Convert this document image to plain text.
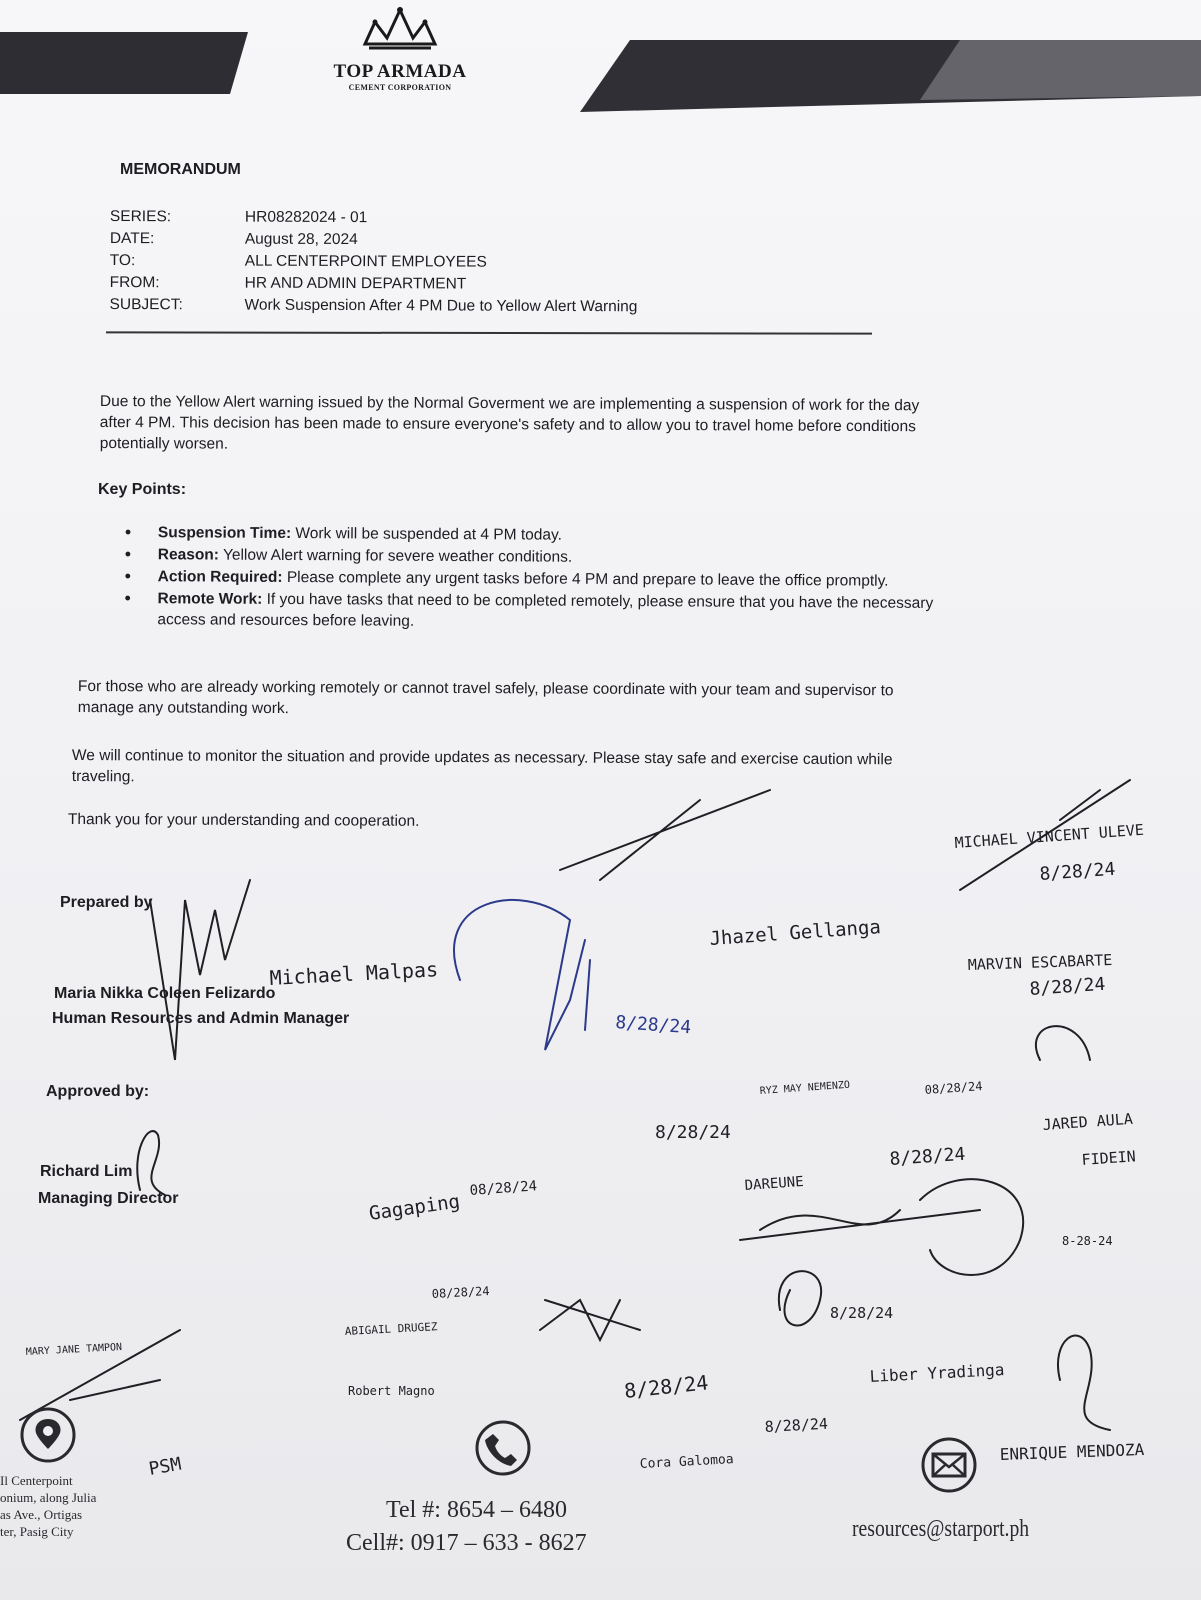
TOP ARMADA
CEMENT CORPORATION
MEMORANDUM
SERIES:	HR08282024 - 01
DATE:	August 28, 2024
TO:	ALL CENTERPOINT EMPLOYEES
FROM:	HR AND ADMIN DEPARTMENT
SUBJECT:	Work Suspension After 4 PM Due to Yellow Alert Warning
Due to the Yellow Alert warning issued by the Normal Goverment we are implementing a suspension of work for the day after 4 PM. This decision has been made to ensure everyone's safety and to allow you to travel home before conditions potentially worsen.
Key Points:
•	Suspension Time: Work will be suspended at 4 PM today.
•	Reason: Yellow Alert warning for severe weather conditions.
•	Action Required: Please complete any urgent tasks before 4 PM and prepare to leave the office promptly.
•	Remote Work: If you have tasks that need to be completed remotely, please ensure that you have the necessary access and resources before leaving.
For those who are already working remotely or cannot travel safely, please coordinate with your team and supervisor to manage any outstanding work.
We will continue to monitor the situation and provide updates as necessary. Please stay safe and exercise caution while traveling.
Thank you for your understanding and cooperation.
Prepared by
Maria Nikka Coleen Felizardo
Human Resources and Admin Manager
Approved by:
Richard Lim
Managing Director
MICHAEL VINCENT ULEVE
8/28/24
Jhazel Gellanga
MARVIN ESCABARTE
8/28/24
Michael Malpas
8/28/24
RYZ MAY NEMENZO	08/28/24
8/28/24	JARED AULA
FIDEIN
8/28/24
Gagaping
08/28/24	DAREUNE
8-28-24
MARY JANE TAMPON
08/28/24
ABIGAIL DRUGEZ
Robert Magno	8/28/24
8/28/24
Liber Yradinga
Cora Galomoa
8/28/24
ENRIQUE MENDOZA
PSM
Il Centerpoint
onium, along Julia
as Ave., Ortigas
ter, Pasig City
Tel #: 8654 – 6480
Cell#: 0917 – 633 - 8627
resources@starport.ph
